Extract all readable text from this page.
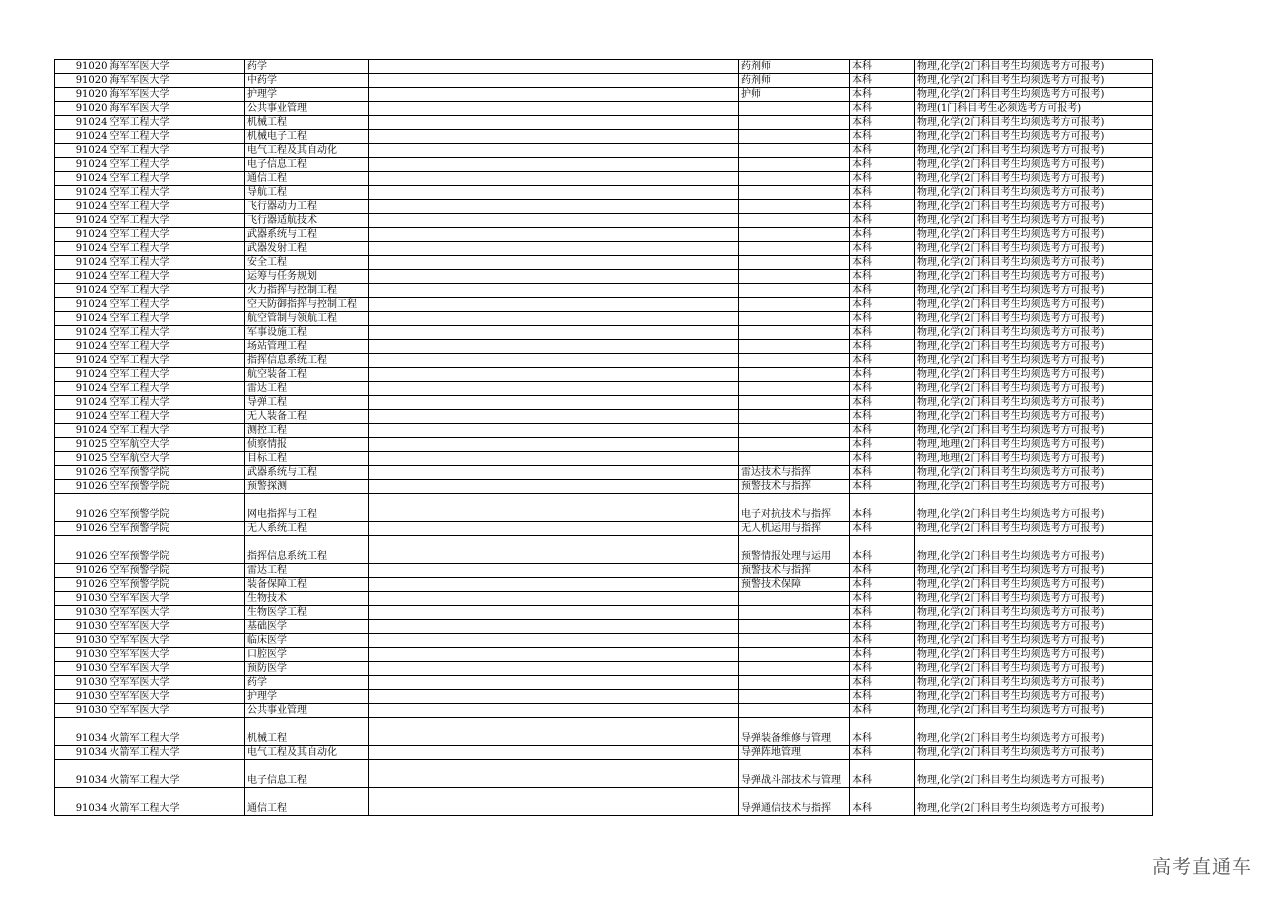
91020	海军军医大学	药学		药剂师	本科	物理,化学(2门科目考生均须选考方可报考)
91020	海军军医大学	中药学		药剂师	本科	物理,化学(2门科目考生均须选考方可报考)
91020	海军军医大学	护理学		护师	本科	物理,化学(2门科目考生均须选考方可报考)
91020	海军军医大学	公共事业管理			本科	物理(1门科目考生必须选考方可报考)
91024	空军工程大学	机械工程			本科	物理,化学(2门科目考生均须选考方可报考)
91024	空军工程大学	机械电子工程			本科	物理,化学(2门科目考生均须选考方可报考)
91024	空军工程大学	电气工程及其自动化			本科	物理,化学(2门科目考生均须选考方可报考)
91024	空军工程大学	电子信息工程			本科	物理,化学(2门科目考生均须选考方可报考)
91024	空军工程大学	通信工程			本科	物理,化学(2门科目考生均须选考方可报考)
91024	空军工程大学	导航工程			本科	物理,化学(2门科目考生均须选考方可报考)
91024	空军工程大学	飞行器动力工程			本科	物理,化学(2门科目考生均须选考方可报考)
91024	空军工程大学	飞行器适航技术			本科	物理,化学(2门科目考生均须选考方可报考)
91024	空军工程大学	武器系统与工程			本科	物理,化学(2门科目考生均须选考方可报考)
91024	空军工程大学	武器发射工程			本科	物理,化学(2门科目考生均须选考方可报考)
91024	空军工程大学	安全工程			本科	物理,化学(2门科目考生均须选考方可报考)
91024	空军工程大学	运筹与任务规划			本科	物理,化学(2门科目考生均须选考方可报考)
91024	空军工程大学	火力指挥与控制工程			本科	物理,化学(2门科目考生均须选考方可报考)
91024	空军工程大学	空天防御指挥与控制工程			本科	物理,化学(2门科目考生均须选考方可报考)
91024	空军工程大学	航空管制与领航工程			本科	物理,化学(2门科目考生均须选考方可报考)
91024	空军工程大学	军事设施工程			本科	物理,化学(2门科目考生均须选考方可报考)
91024	空军工程大学	场站管理工程			本科	物理,化学(2门科目考生均须选考方可报考)
91024	空军工程大学	指挥信息系统工程			本科	物理,化学(2门科目考生均须选考方可报考)
91024	空军工程大学	航空装备工程			本科	物理,化学(2门科目考生均须选考方可报考)
91024	空军工程大学	雷达工程			本科	物理,化学(2门科目考生均须选考方可报考)
91024	空军工程大学	导弹工程			本科	物理,化学(2门科目考生均须选考方可报考)
91024	空军工程大学	无人装备工程			本科	物理,化学(2门科目考生均须选考方可报考)
91024	空军工程大学	测控工程			本科	物理,化学(2门科目考生均须选考方可报考)
91025	空军航空大学	侦察情报			本科	物理,地理(2门科目考生均须选考方可报考)
91025	空军航空大学	目标工程			本科	物理,地理(2门科目考生均须选考方可报考)
91026	空军预警学院	武器系统与工程		雷达技术与指挥	本科	物理,化学(2门科目考生均须选考方可报考)
91026	空军预警学院	预警探测		预警技术与指挥	本科	物理,化学(2门科目考生均须选考方可报考)
91026	空军预警学院	网电指挥与工程		电子对抗技术与指挥	本科	物理,化学(2门科目考生均须选考方可报考)
91026	空军预警学院	无人系统工程		无人机运用与指挥	本科	物理,化学(2门科目考生均须选考方可报考)
91026	空军预警学院	指挥信息系统工程		预警情报处理与运用	本科	物理,化学(2门科目考生均须选考方可报考)
91026	空军预警学院	雷达工程		预警技术与指挥	本科	物理,化学(2门科目考生均须选考方可报考)
91026	空军预警学院	装备保障工程		预警技术保障	本科	物理,化学(2门科目考生均须选考方可报考)
91030	空军军医大学	生物技术			本科	物理,化学(2门科目考生均须选考方可报考)
91030	空军军医大学	生物医学工程			本科	物理,化学(2门科目考生均须选考方可报考)
91030	空军军医大学	基础医学			本科	物理,化学(2门科目考生均须选考方可报考)
91030	空军军医大学	临床医学			本科	物理,化学(2门科目考生均须选考方可报考)
91030	空军军医大学	口腔医学			本科	物理,化学(2门科目考生均须选考方可报考)
91030	空军军医大学	预防医学			本科	物理,化学(2门科目考生均须选考方可报考)
91030	空军军医大学	药学			本科	物理,化学(2门科目考生均须选考方可报考)
91030	空军军医大学	护理学			本科	物理,化学(2门科目考生均须选考方可报考)
91030	空军军医大学	公共事业管理			本科	物理,化学(2门科目考生均须选考方可报考)
91034	火箭军工程大学	机械工程		导弹装备维修与管理	本科	物理,化学(2门科目考生均须选考方可报考)
91034	火箭军工程大学	电气工程及其自动化		导弹阵地管理	本科	物理,化学(2门科目考生均须选考方可报考)
91034	火箭军工程大学	电子信息工程		导弹战斗部技术与管理	本科	物理,化学(2门科目考生均须选考方可报考)
91034	火箭军工程大学	通信工程		导弹通信技术与指挥	本科	物理,化学(2门科目考生均须选考方可报考)
高考直通车
